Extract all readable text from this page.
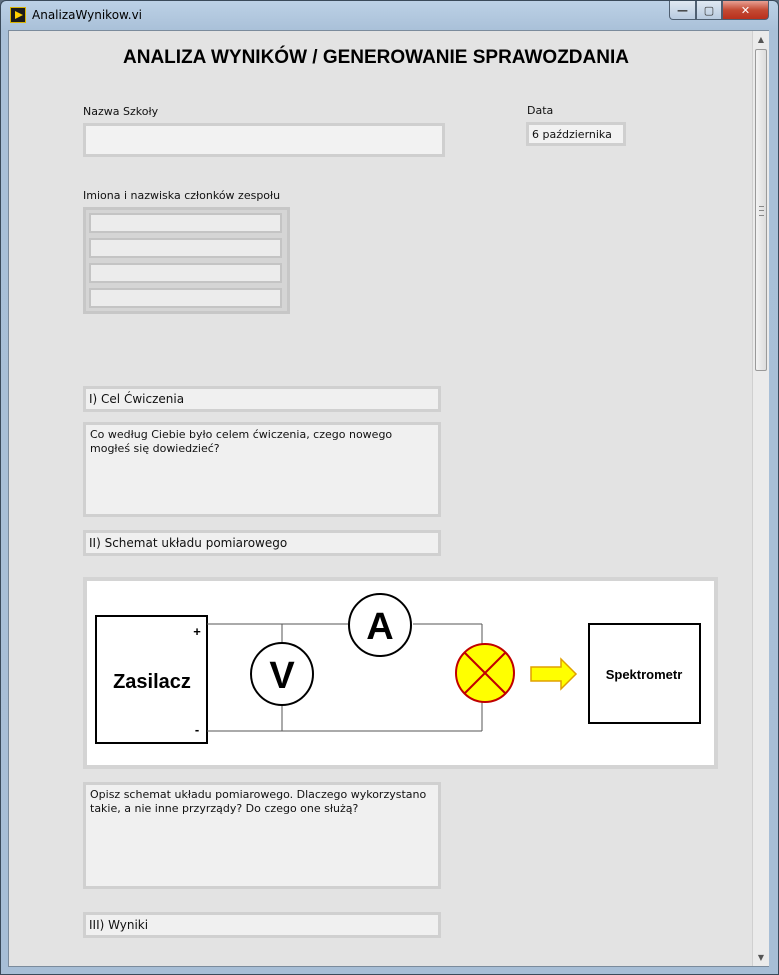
AnalizaWynikow.vi	—	▢	✕
▲
▼
ANALIZA WYNIKÓW / GENEROWANIE SPRAWOZDANIA
Nazwa Szkoły	Data
6 października
Imiona i nazwiska członków zespołu
I) Cel Ćwiczenia
Co według Ciebie było celem ćwiczenia, czego nowego mogłeś się dowiedzieć?
II) Schemat układu pomiarowego
Zasilacz
+
-
V
A
Spektrometr
Opisz schemat układu pomiarowego. Dlaczego wykorzystano takie, a nie inne przyrządy? Do czego one służą?
III) Wyniki
